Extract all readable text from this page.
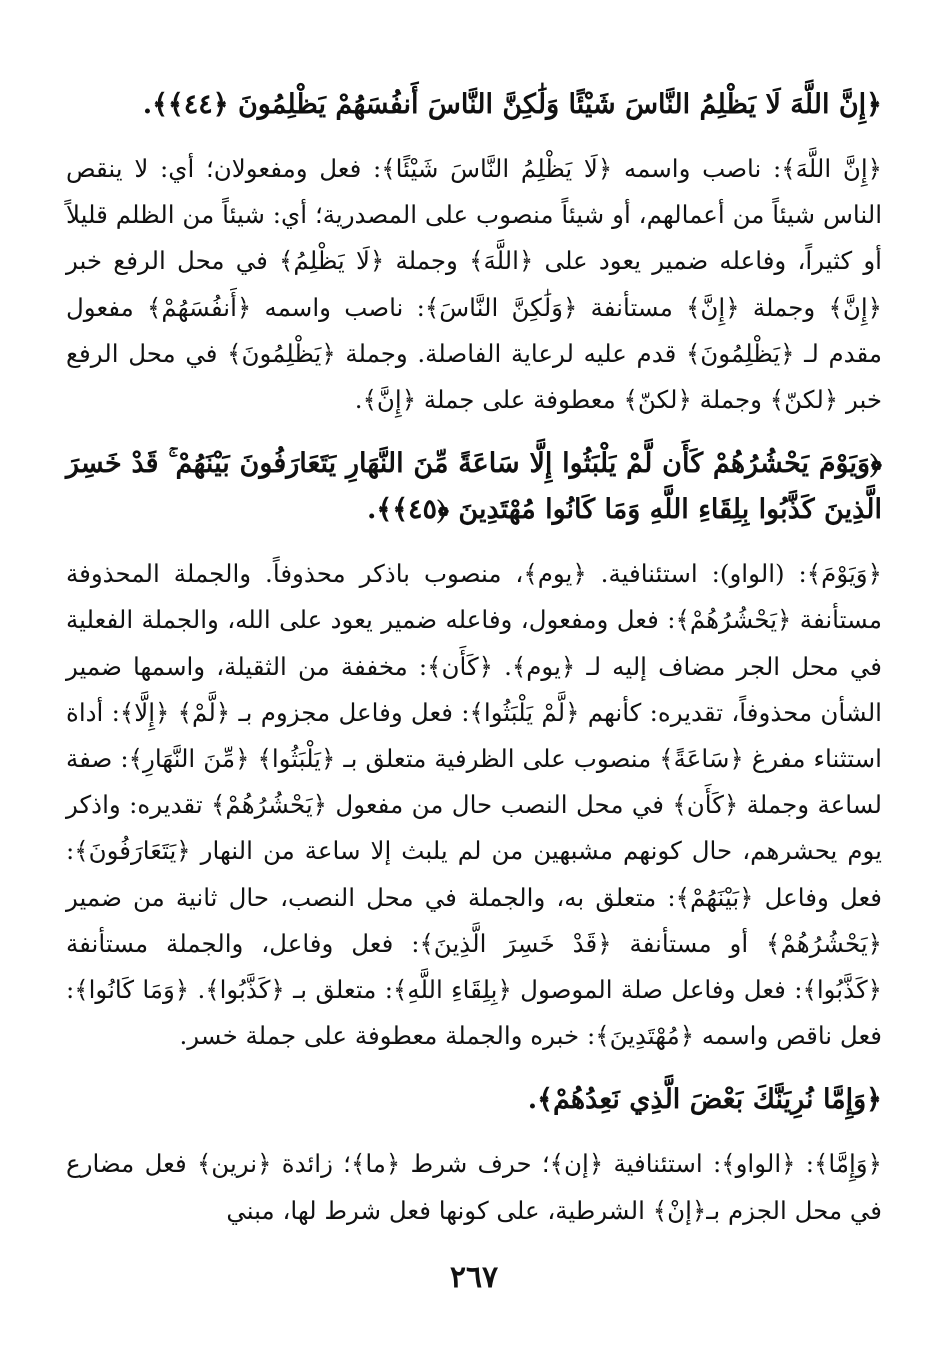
﴿إِنَّ اللَّهَ لَا يَظْلِمُ النَّاسَ شَيْئًا وَلَٰكِنَّ النَّاسَ أَنفُسَهُمْ يَظْلِمُونَ ﴿٤٤﴾﴾.

﴿إِنَّ اللَّهَ﴾: ناصب واسمه ﴿لَا يَظْلِمُ النَّاسَ شَيْئًا﴾: فعل ومفعولان؛ أي: لا ينقص الناس شيئاً من أعمالهم، أو شيئاً منصوب على المصدرية؛ أي: شيئاً من الظلم قليلاً أو كثيراً، وفاعله ضمير يعود على ﴿اللَّهَ﴾ وجملة ﴿لَا يَظْلِمُ﴾ في محل الرفع خبر ﴿إِنَّ﴾ وجملة ﴿إِنَّ﴾ مستأنفة ﴿وَلَٰكِنَّ النَّاسَ﴾: ناصب واسمه ﴿أَنفُسَهُمْ﴾ مفعول مقدم لـ ﴿يَظْلِمُونَ﴾ قدم عليه لرعاية الفاصلة. وجملة ﴿يَظْلِمُونَ﴾ في محل الرفع خبر ﴿لكنّ﴾ وجملة ﴿لكنّ﴾ معطوفة على جملة ﴿إِنَّ﴾.

﴿وَيَوْمَ يَحْشُرُهُمْ كَأَن لَّمْ يَلْبَثُوا إِلَّا سَاعَةً مِّنَ النَّهَارِ يَتَعَارَفُونَ بَيْنَهُمْ ۚ قَدْ خَسِرَ الَّذِينَ كَذَّبُوا بِلِقَاءِ اللَّهِ وَمَا كَانُوا مُهْتَدِينَ ﴿٤٥﴾﴾.

﴿وَيَوْمَ﴾: (الواو): استئنافية. ﴿يوم﴾، منصوب باذكر محذوفاً. والجملة المحذوفة مستأنفة ﴿يَحْشُرُهُمْ﴾: فعل ومفعول، وفاعله ضمير يعود على الله، والجملة الفعلية في محل الجر مضاف إليه لـ ﴿يوم﴾. ﴿كَأَن﴾: مخففة من الثقيلة، واسمها ضمير الشأن محذوفاً، تقديره: كأنهم ﴿لَّمْ يَلْبَثُوا﴾: فعل وفاعل مجزوم بـ ﴿لَّمْ﴾ ﴿إِلَّا﴾: أداة استثناء مفرغ ﴿سَاعَةً﴾ منصوب على الظرفية متعلق بـ ﴿يَلْبَثُوا﴾ ﴿مِّنَ النَّهَارِ﴾: صفة لساعة وجملة ﴿كَأَن﴾ في محل النصب حال من مفعول ﴿يَحْشُرُهُمْ﴾ تقديره: واذكر يوم يحشرهم، حال كونهم مشبهين من لم يلبث إلا ساعة من النهار ﴿يَتَعَارَفُونَ﴾: فعل وفاعل ﴿بَيْنَهُمْ﴾: متعلق به، والجملة في محل النصب، حال ثانية من ضمير ﴿يَحْشُرُهُمْ﴾ أو مستأنفة ﴿قَدْ خَسِرَ الَّذِينَ﴾: فعل وفاعل، والجملة مستأنفة ﴿كَذَّبُوا﴾: فعل وفاعل صلة الموصول ﴿بِلِقَاءِ اللَّهِ﴾: متعلق بـ ﴿كَذَّبُوا﴾. ﴿وَمَا كَانُوا﴾: فعل ناقص واسمه ﴿مُهْتَدِينَ﴾: خبره والجملة معطوفة على جملة خسر.

﴿وَإِمَّا نُرِيَنَّكَ بَعْضَ الَّذِي نَعِدُهُمْ﴾.

﴿وَإِمَّا﴾: ﴿الواو﴾: استئنافية ﴿إن﴾؛ حرف شرط ﴿ما﴾؛ زائدة ﴿نرين﴾ فعل مضارع في محل الجزم بـ﴿إنْ﴾ الشرطية، على كونها فعل شرط لها، مبني

٢٦٧
